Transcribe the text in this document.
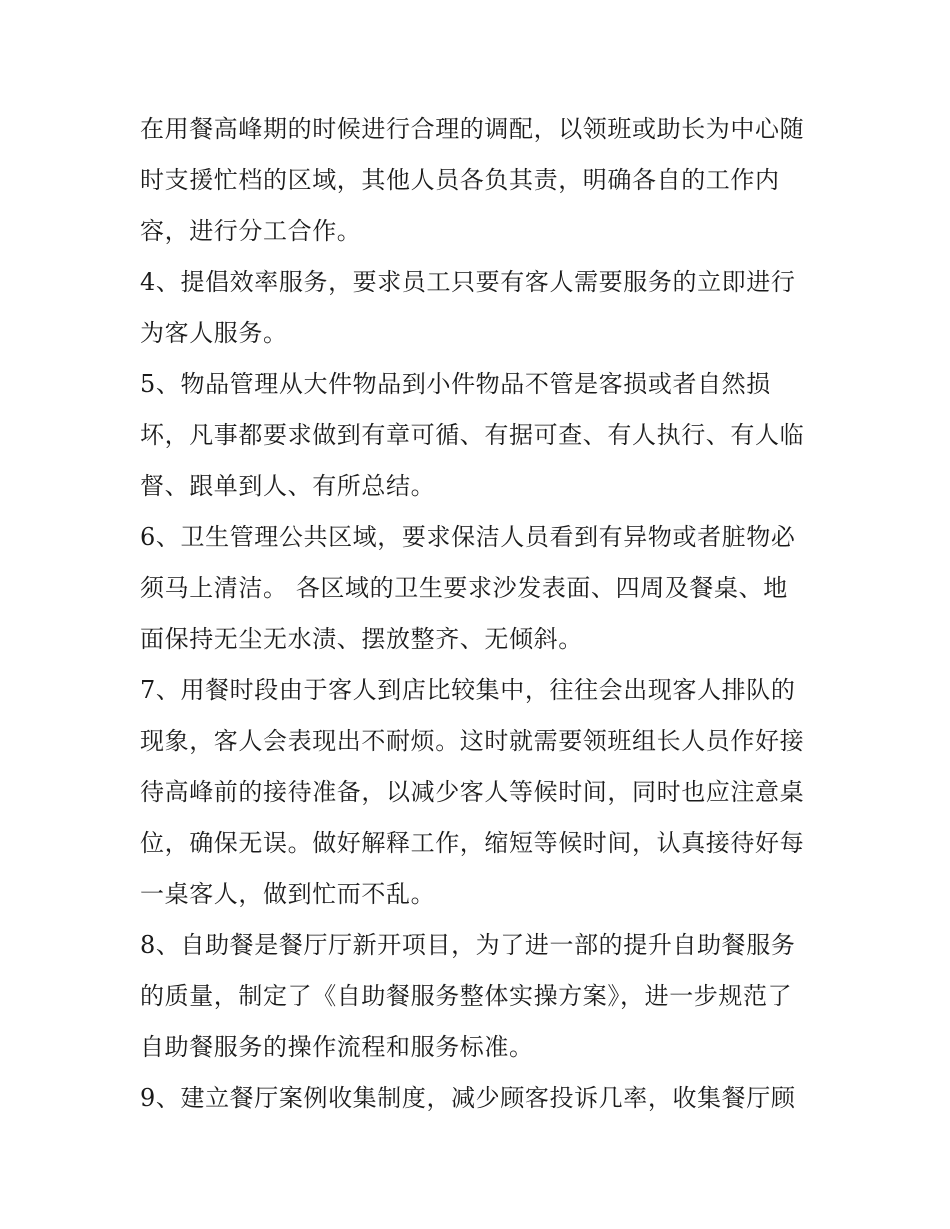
在用餐高峰期的时候进行合理的调配，以领班或助长为中心随
时支援忙档的区域，其他人员各负其责，明确各自的工作内
容，进行分工合作。
4、提倡效率服务，要求员工只要有客人需要服务的立即进行
为客人服务。
5、物品管理从大件物品到小件物品不管是客损或者自然损
坏，凡事都要求做到有章可循、有据可查、有人执行、有人临
督、跟单到人、有所总结。
6、卫生管理公共区域，要求保洁人员看到有异物或者脏物必
须马上清洁。 各区域的卫生要求沙发表面、四周及餐桌、地
面保持无尘无水渍、摆放整齐、无倾斜。
7、用餐时段由于客人到店比较集中，往往会出现客人排队的
现象，客人会表现出不耐烦。这时就需要领班组长人员作好接
待高峰前的接待准备，以减少客人等候时间，同时也应注意桌
位，确保无误。做好解释工作，缩短等候时间，认真接待好每
一桌客人，做到忙而不乱。
8、自助餐是餐厅厅新开项目，为了进一部的提升自助餐服务
的质量，制定了《自助餐服务整体实操方案》，进一步规范了
自助餐服务的操作流程和服务标准。
9、建立餐厅案例收集制度，减少顾客投诉几率，收集餐厅顾
